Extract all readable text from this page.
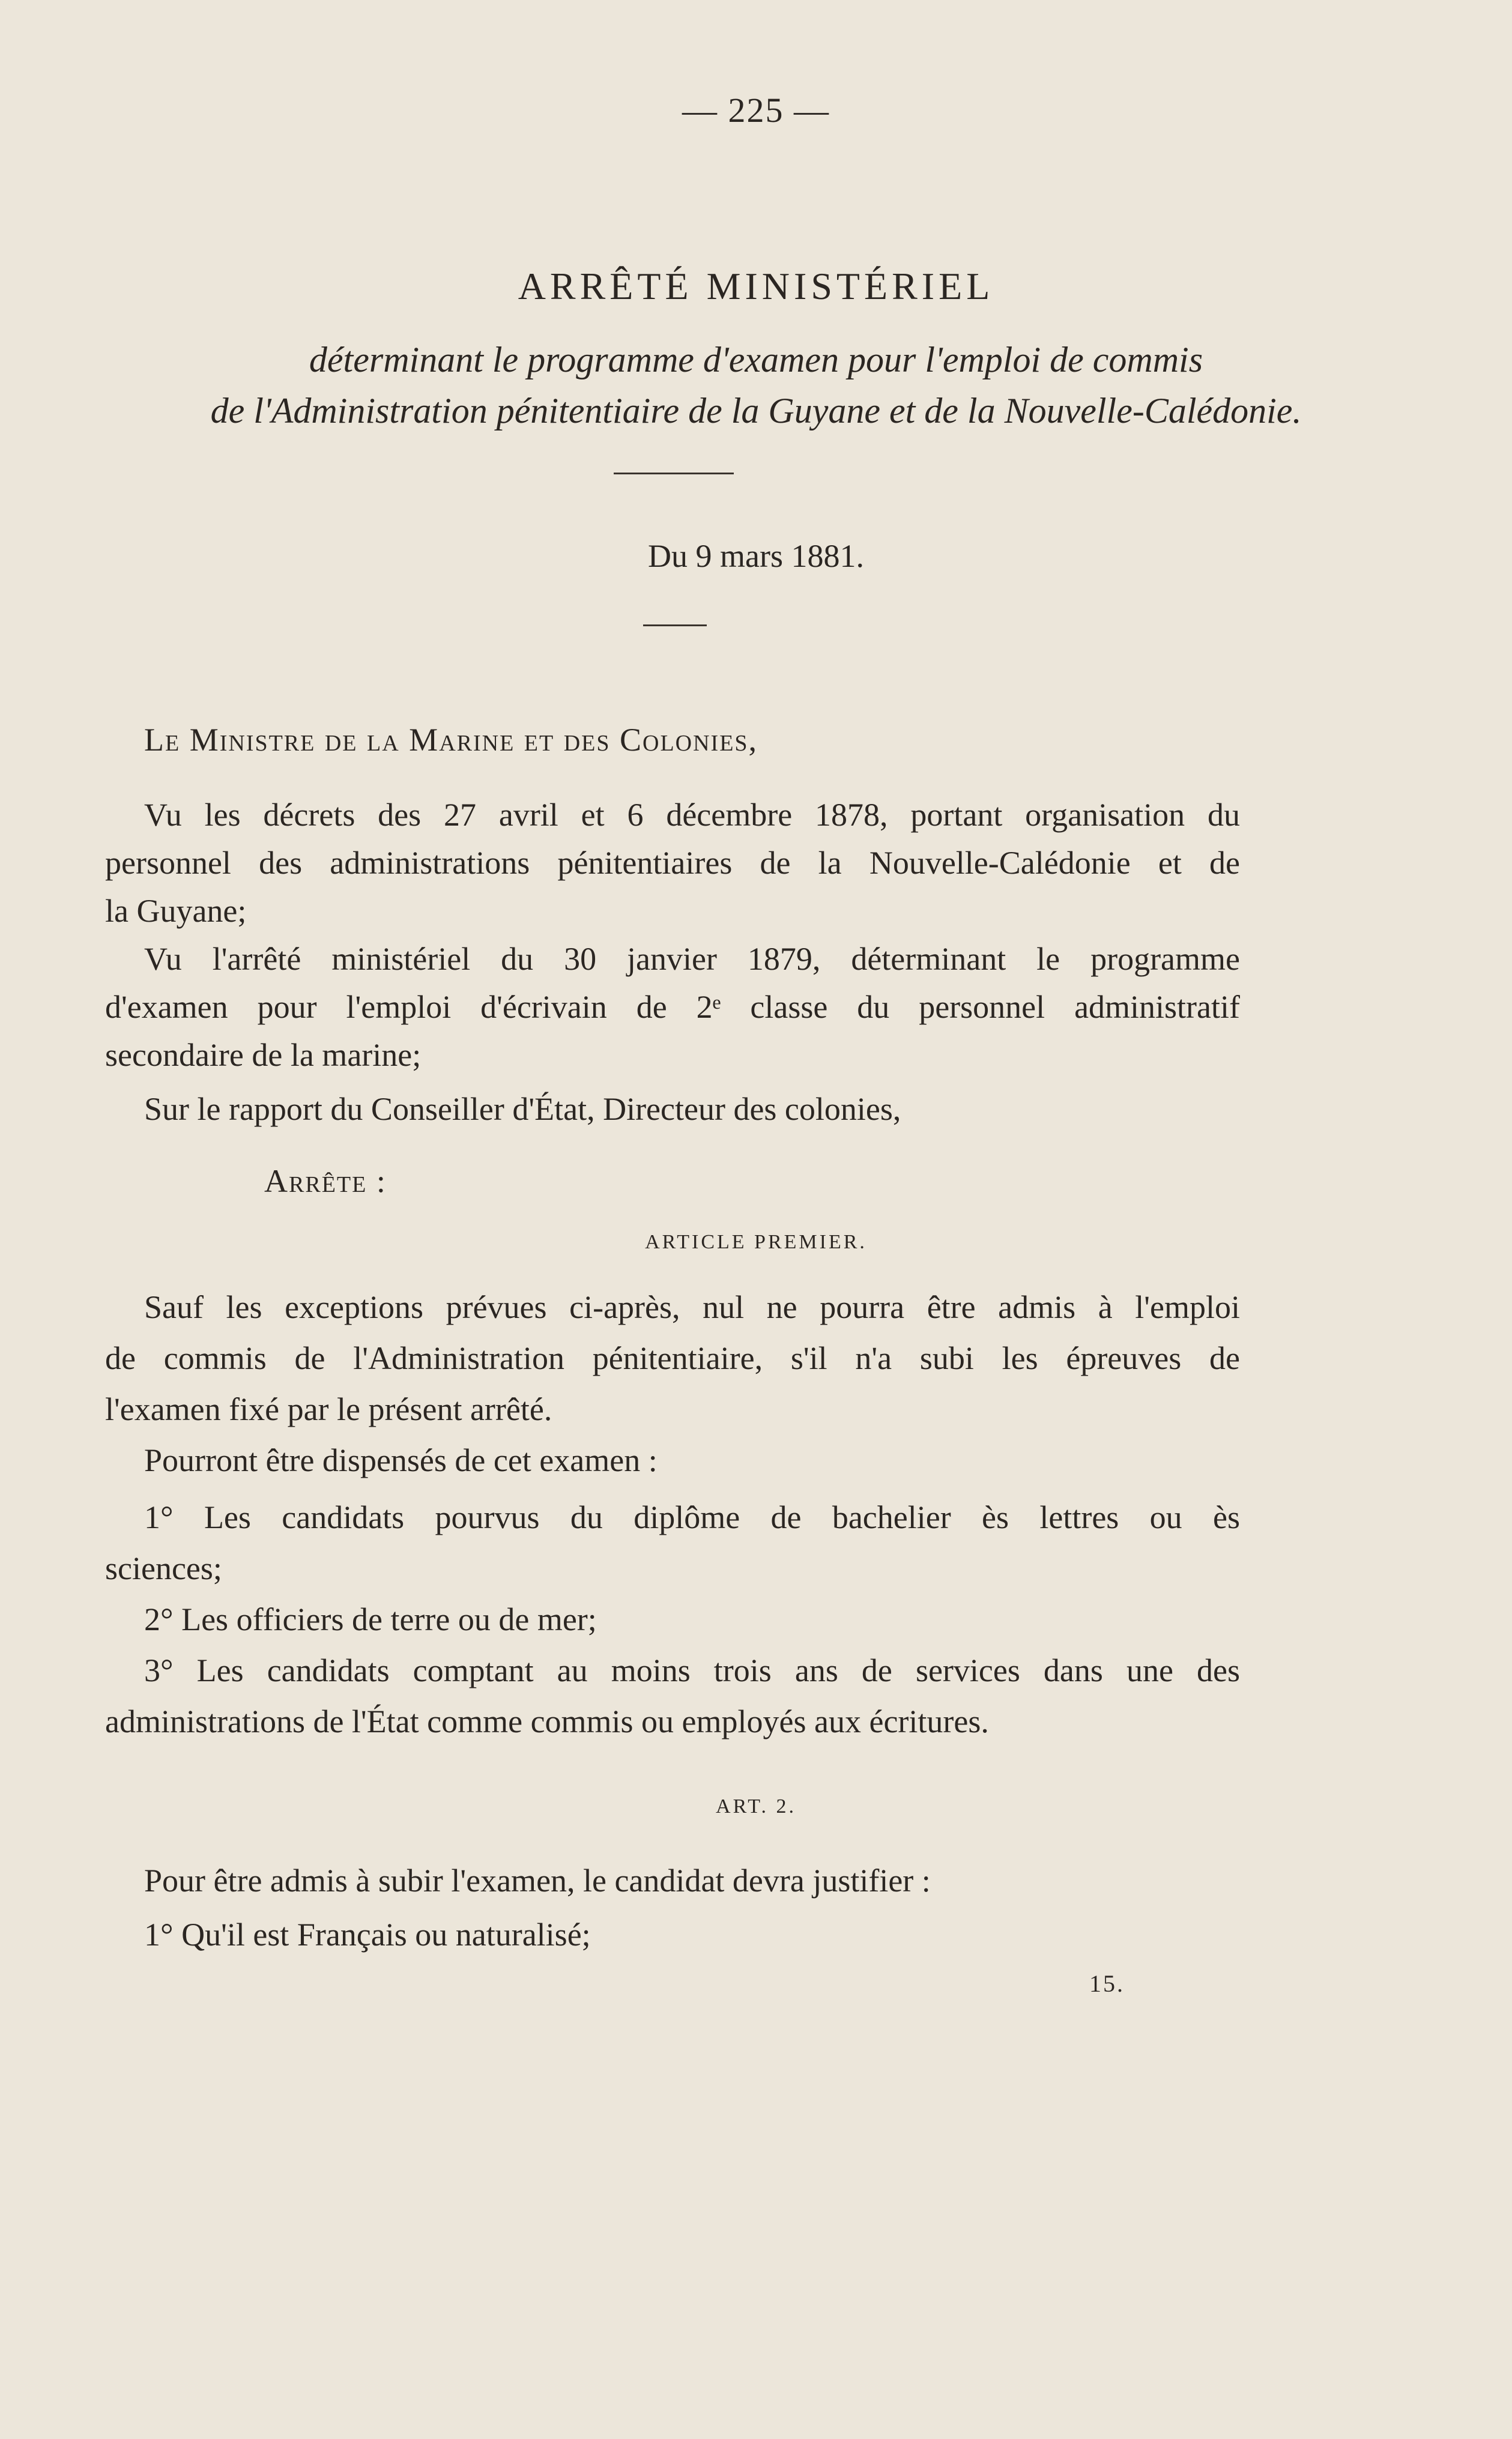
— 225 —

ARRÊTÉ MINISTÉRIEL

déterminant le programme d'examen pour l'emploi de commis

de l'Administration pénitentiaire de la Guyane et de la Nouvelle-Calédonie.

Du 9 mars 1881.

Le Ministre de la Marine et des Colonies,

Vu les décrets des 27 avril et 6 décembre 1878, portant organisation du

personnel des administrations pénitentiaires de la Nouvelle-Calédonie et de

la Guyane;

Vu l'arrêté ministériel du 30 janvier 1879, déterminant le programme

d'examen pour l'emploi d'écrivain de 2ᵉ classe du personnel administratif

secondaire de la marine;

Sur le rapport du Conseiller d'État, Directeur des colonies,

Arrête :

ARTICLE PREMIER.

Sauf les exceptions prévues ci-après, nul ne pourra être admis à l'emploi

de commis de l'Administration pénitentiaire, s'il n'a subi les épreuves de

l'examen fixé par le présent arrêté.

Pourront être dispensés de cet examen :

1° Les candidats pourvus du diplôme de bachelier ès lettres ou ès

sciences;

2° Les officiers de terre ou de mer;

3° Les candidats comptant au moins trois ans de services dans une des

administrations de l'État comme commis ou employés aux écritures.

ART. 2.

Pour être admis à subir l'examen, le candidat devra justifier :

1° Qu'il est Français ou naturalisé;

15.
